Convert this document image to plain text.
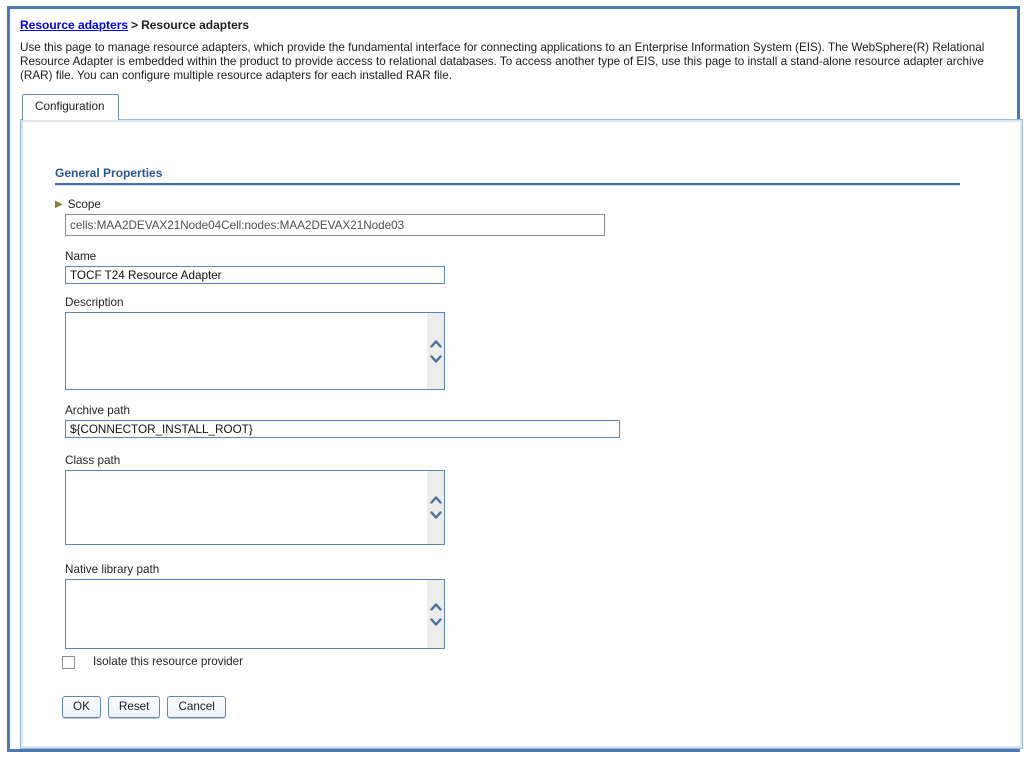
Resource adapters > Resource adapters
Use this page to manage resource adapters, which provide the fundamental interface for connecting applications to an Enterprise Information System (EIS). The WebSphere(R) Relational Resource Adapter is embedded within the product to provide access to relational databases. To access another type of EIS, use this page to install a stand-alone resource adapter archive (RAR) file. You can configure multiple resource adapters for each installed RAR file.
Configuration
General Properties
▶ Scope
cells:MAA2DEVAX21Node04Cell:nodes:MAA2DEVAX21Node03
Name
TOCF T24 Resource Adapter
Description
Archive path
${CONNECTOR_INSTALL_ROOT}
Class path
Native library path
Isolate this resource provider
OK	Reset	Cancel
